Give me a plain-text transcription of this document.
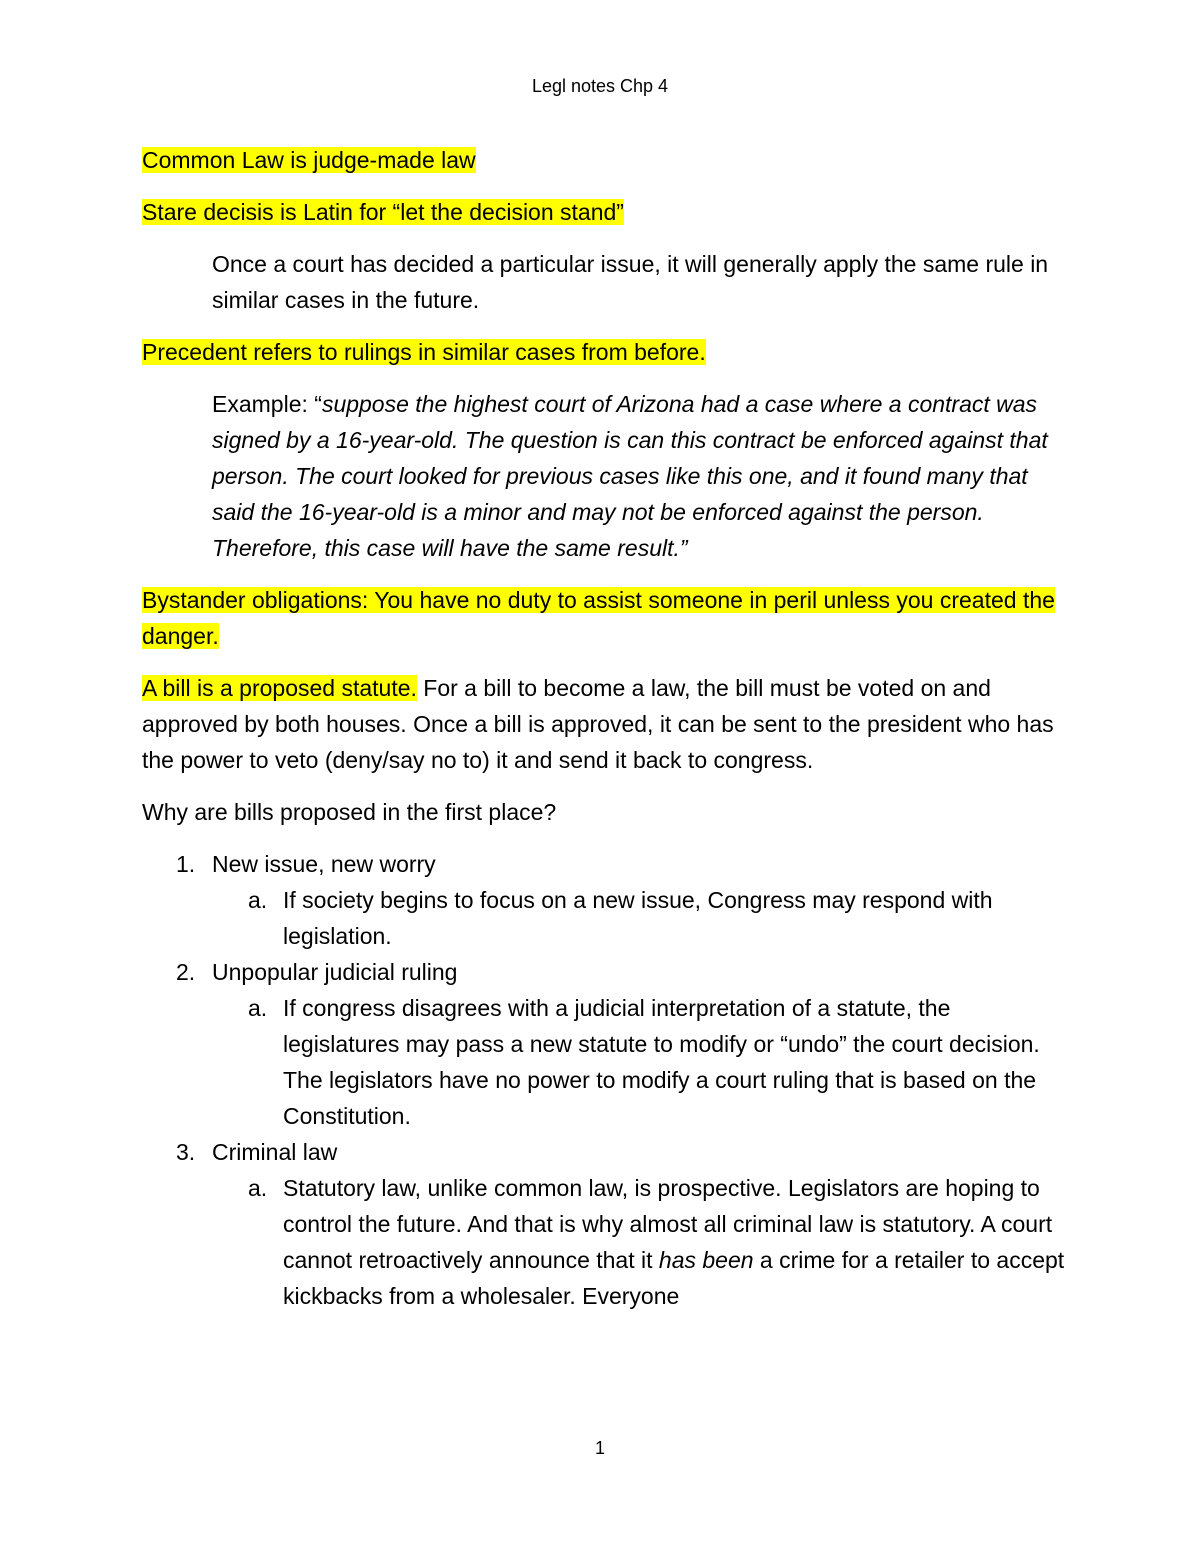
Legl notes Chp 4

Common Law is judge-made law

Stare decisis is Latin for “let the decision stand”

Once a court has decided a particular issue, it will generally apply the same rule in similar cases in the future.

Precedent refers to rulings in similar cases from before.

Example: “suppose the highest court of Arizona had a case where a contract was signed by a 16-year-old. The question is can this contract be enforced against that person. The court looked for previous cases like this one, and it found many that said the 16-year-old is a minor and may not be enforced against the person. Therefore, this case will have the same result.”

Bystander obligations: You have no duty to assist someone in peril unless you created the danger.

A bill is a proposed statute. For a bill to become a law, the bill must be voted on and approved by both houses. Once a bill is approved, it can be sent to the president who has the power to veto (deny/say no to) it and send it back to congress.

Why are bills proposed in the first place?

1. New issue, new worry
a. If society begins to focus on a new issue, Congress may respond with legislation.
2. Unpopular judicial ruling
a. If congress disagrees with a judicial interpretation of a statute, the legislatures may pass a new statute to modify or “undo” the court decision. The legislators have no power to modify a court ruling that is based on the Constitution.
3. Criminal law
a. Statutory law, unlike common law, is prospective. Legislators are hoping to control the future. And that is why almost all criminal law is statutory. A court cannot retroactively announce that it has been a crime for a retailer to accept kickbacks from a wholesaler. Everyone
1
